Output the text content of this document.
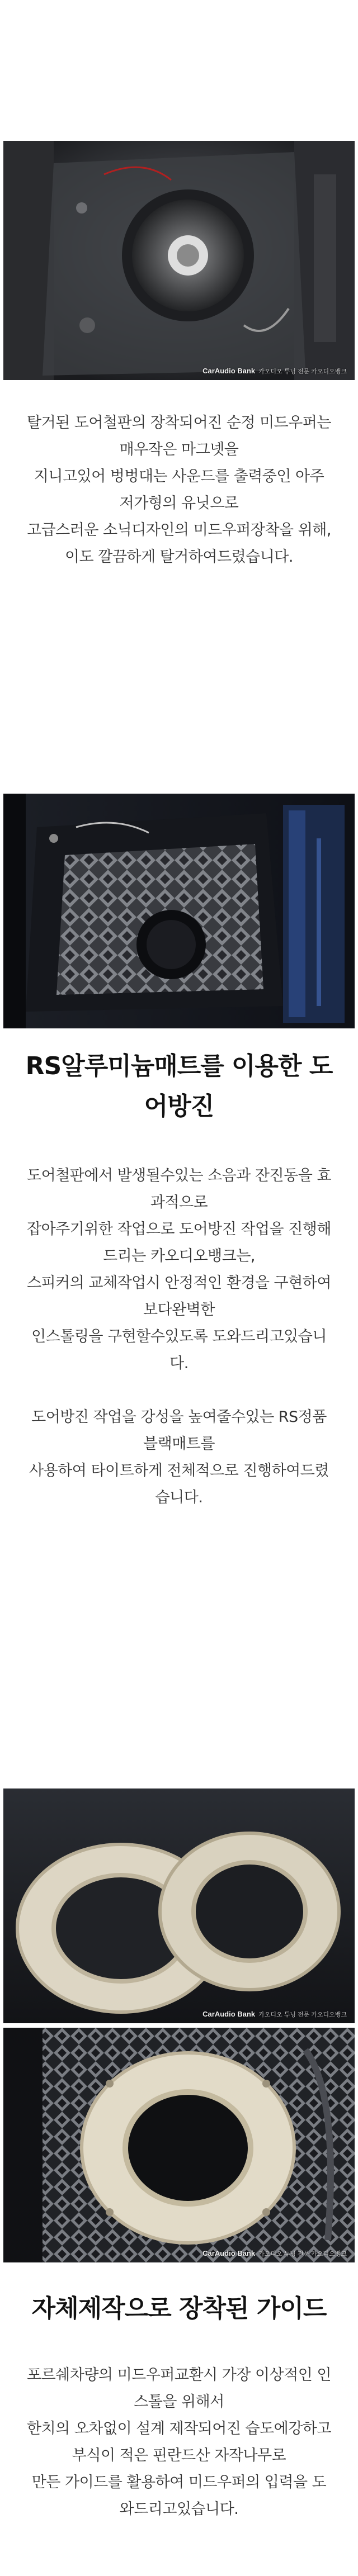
CarAudio Bank 카오디오 튜닝 전문 카오디오뱅크

탈거된 도어철판의 장착되어진 순정 미드우퍼는

매우작은 마그넷을

지니고있어 벙벙대는 사운드를 출력중인 아주

저가형의 유닛으로

고급스러운 소닉디자인의 미드우퍼장착을 위해,

이도 깔끔하게 탈거하여드렸습니다.

RS알루미늄매트를 이용한 도
어방진

도어철판에서 발생될수있는 소음과 잔진동을 효

과적으로

잡아주기위한 작업으로 도어방진 작업을 진행해

드리는 카오디오뱅크는,

스피커의 교체작업시 안정적인 환경을 구현하여

보다완벽한

인스톨링을 구현할수있도록 도와드리고있습니

다.

도어방진 작업을 강성을 높여줄수있는 RS정품

블랙매트를

사용하여 타이트하게 전체적으로 진행하여드렸

습니다.

CarAudio Bank 카오디오 튜닝 전문 카오디오뱅크
CarAudio Bank 카오디오 튜닝 전문 카오디오뱅크
자체제작으로 장착된 가이드

포르쉐차량의 미드우퍼교환시 가장 이상적인 인

스톨을 위해서

한치의 오차없이 설계 제작되어진 습도에강하고

부식이 적은 핀란드산 자작나무로

만든 가이드를 활용하여 미드우퍼의 입력을 도

와드리고있습니다.
